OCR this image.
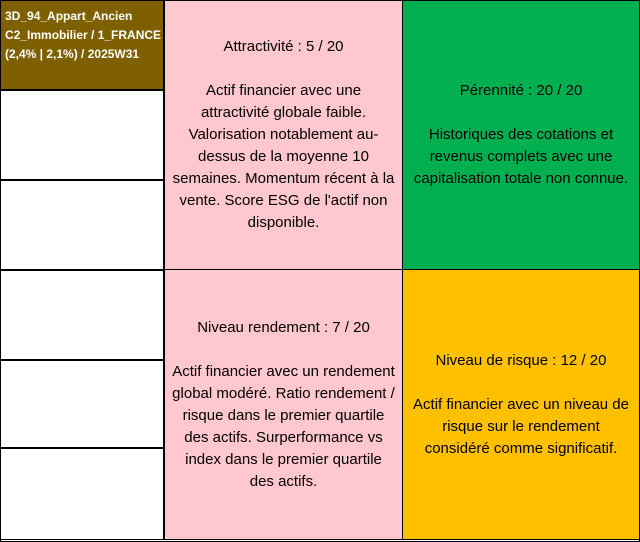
3D_94_Appart_Ancien
C2_Immobilier / 1_FRANCE
(2,4% | 2,1%) / 2025W31	Attractivité : 5 / 20
Actif financier avec une attractivité globale faible. Valorisation notablement au-dessus de la moyenne 10 semaines. Momentum récent à la vente. Score ESG de l'actif non disponible.
Pérennité : 20 / 20
Historiques des cotations et revenus complets avec une capitalisation totale non connue.
Niveau rendement : 7 / 20
Actif financier avec un rendement global modéré. Ratio rendement / risque dans le premier quartile des actifs. Surperformance vs index dans le premier quartile des actifs.
Niveau de risque : 12 / 20
Actif financier avec un niveau de risque sur le rendement considéré comme significatif.
